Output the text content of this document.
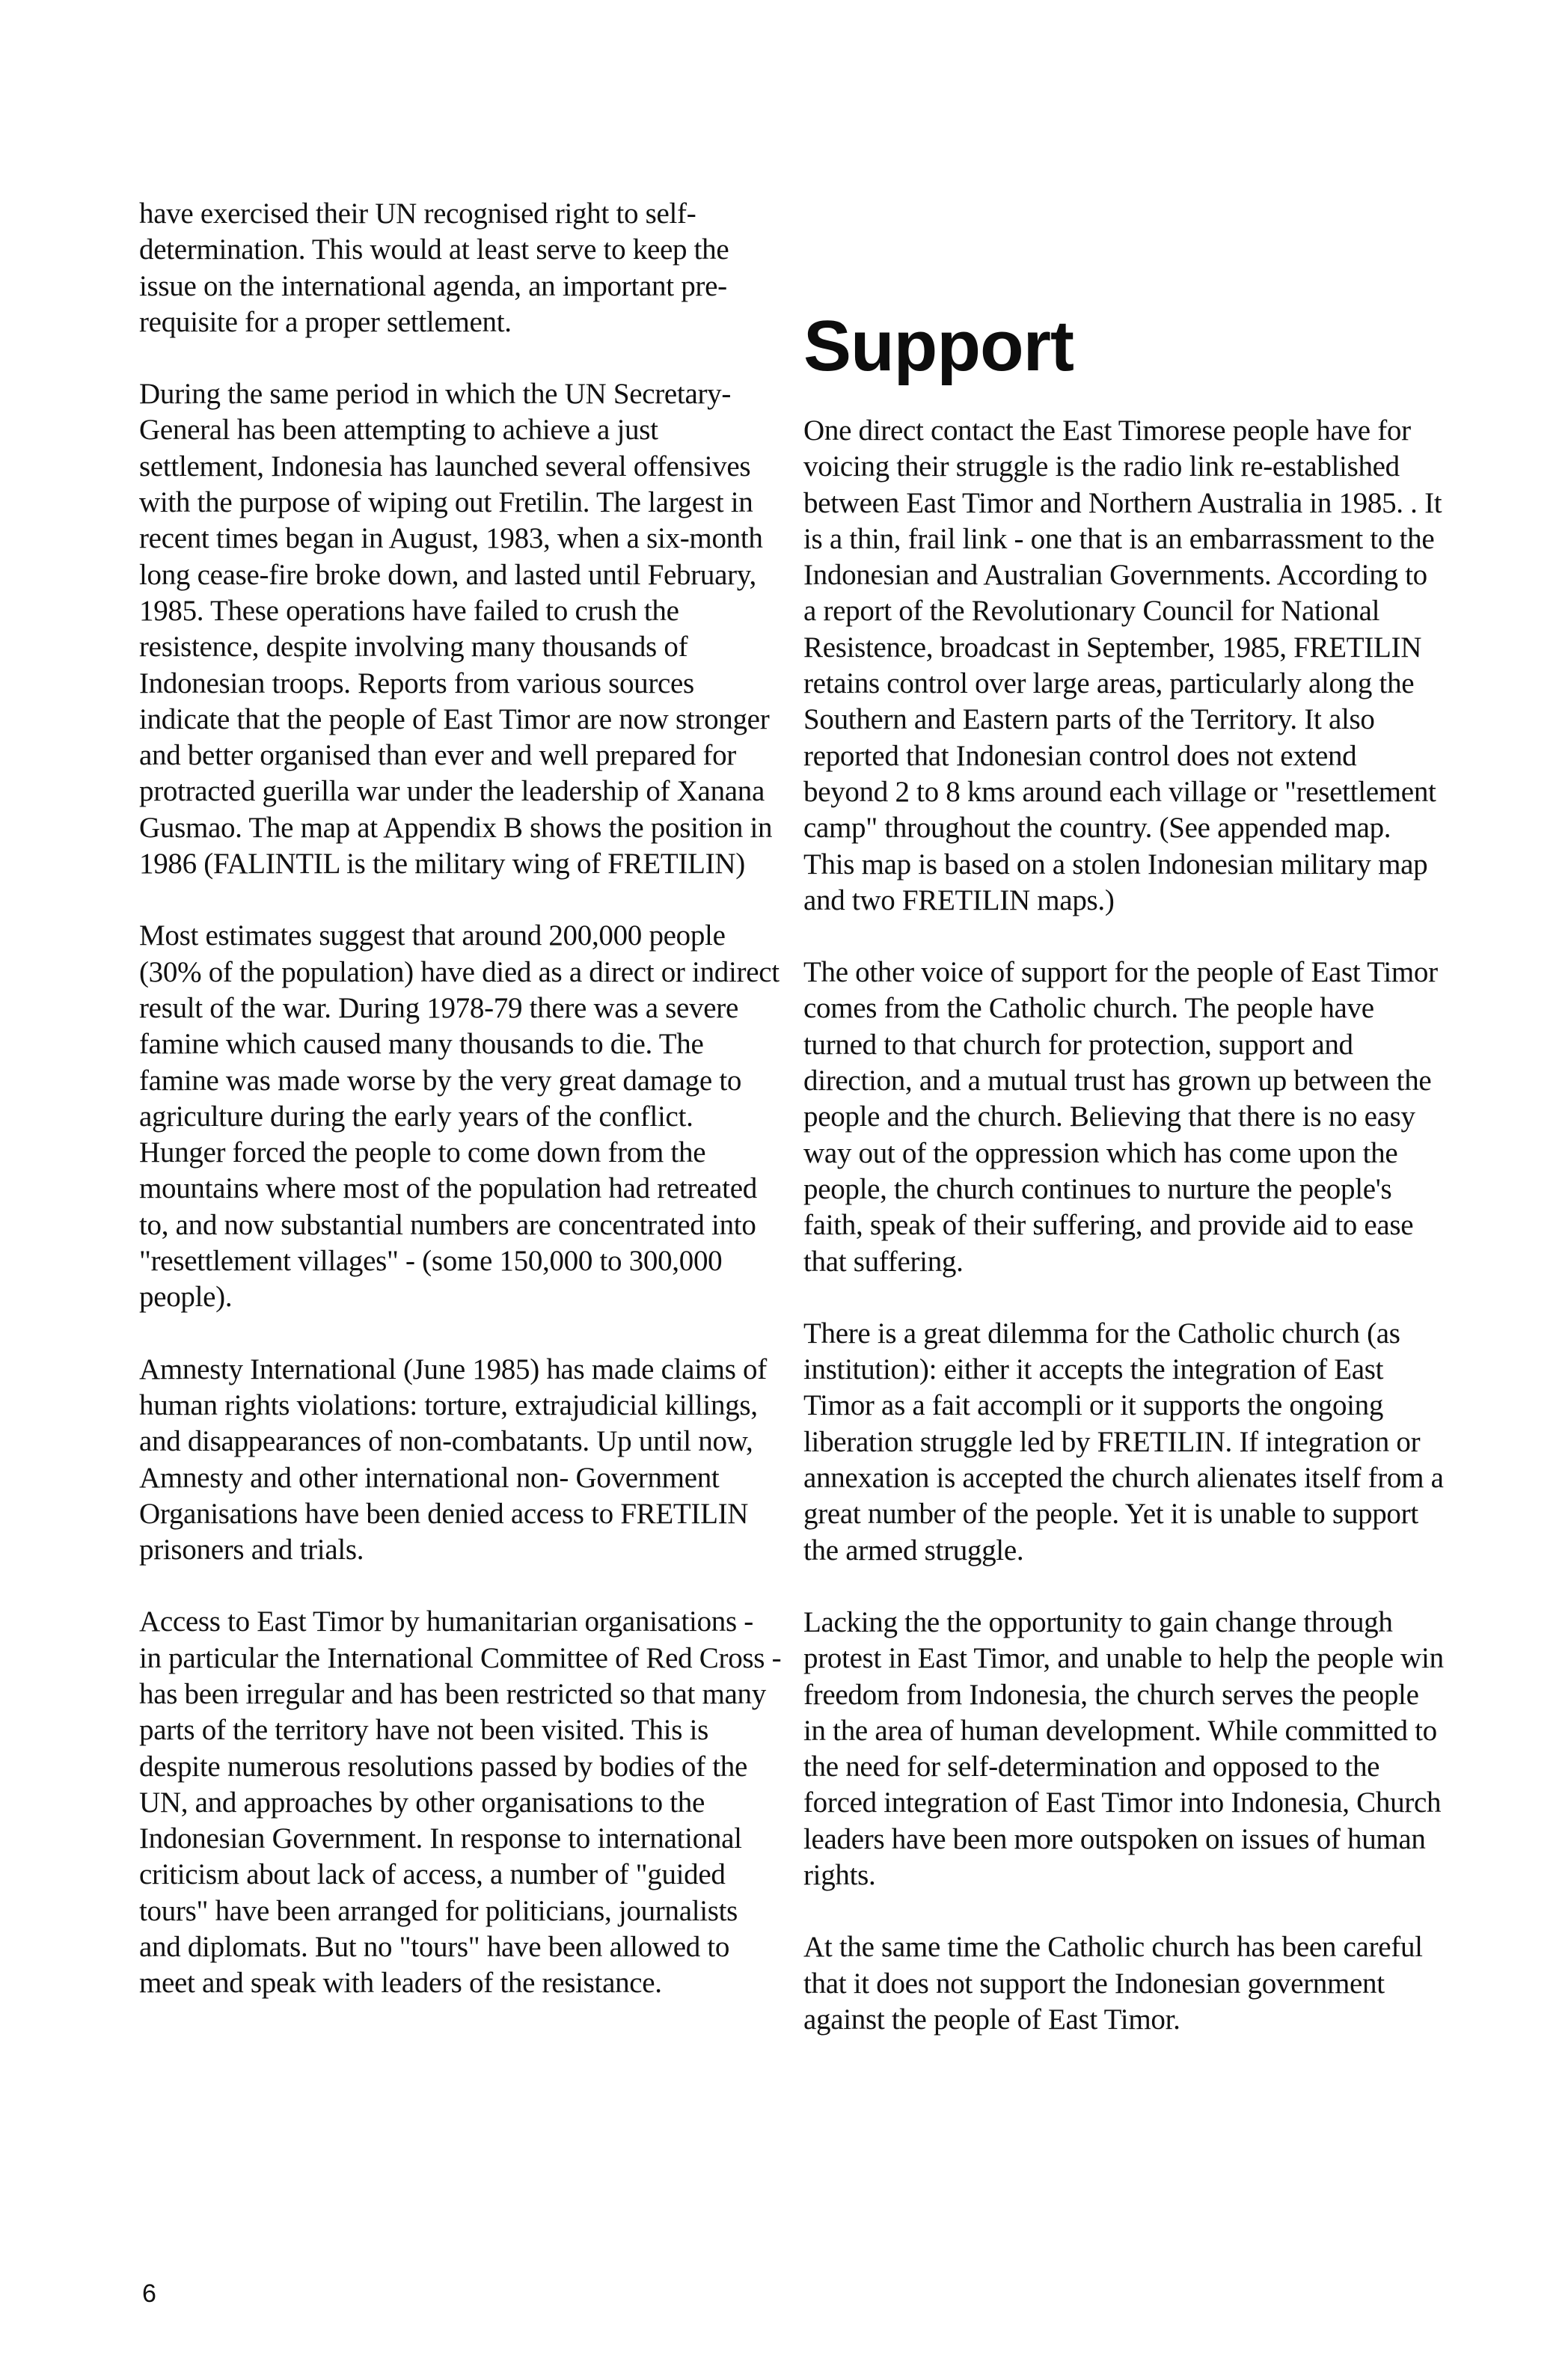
have exercised their UN recognised right to self-determination. This would at least serve to keep the issue on the international agenda, an important pre-requisite for a proper settlement.

During the same period in which the UN Secretary-General has been attempting to achieve a just settlement, Indonesia has launched several offensives with the purpose of wiping out Fretilin. The largest in recent times began in August, 1983, when a six-month long cease-fire broke down, and lasted until February, 1985. These operations have failed to crush the resistence, despite involving many thousands of Indonesian troops. Reports from various sources indicate that the people of East Timor are now stronger and better organised than ever and well prepared for protracted guerilla war under the leadership of Xanana Gusmao. The map at Appendix B shows the position in 1986 (FALINTIL is the military wing of FRETILIN)

Most estimates suggest that around 200,000 people (30% of the population) have died as a direct or indirect result of the war. During 1978-79 there was a severe famine which caused many thousands to die. The famine was made worse by the very great damage to agriculture during the early years of the conflict. Hunger forced the people to come down from the mountains where most of the population had retreated to, and now substantial numbers are concentrated into "resettlement villages" - (some 150,000 to 300,000 people).

Amnesty International (June 1985) has made claims of human rights violations: torture, extrajudicial killings, and disappearances of non-combatants. Up until now, Amnesty and other international non- Government Organisations have been denied access to FRETILIN prisoners and trials.

Access to East Timor by humanitarian organisations - in particular the International Committee of Red Cross - has been irregular and has been restricted so that many parts of the territory have not been visited. This is despite numerous resolutions passed by bodies of the UN, and approaches by other organisations to the Indonesian Government. In response to international criticism about lack of access, a number of "guided tours" have been arranged for politicians, journalists and diplomats. But no "tours" have been allowed to meet and speak with leaders of the resistance.

Support

One direct contact the East Timorese people have for voicing their struggle is the radio link re-established between East Timor and Northern Australia in 1985. . It is a thin, frail link - one that is an embarrassment to the Indonesian and Australian Governments. According to a report of the Revolutionary Council for National Resistence, broadcast in September, 1985, FRETILIN retains control over large areas, particularly along the Southern and Eastern parts of the Territory. It also reported that Indonesian control does not extend beyond 2 to 8 kms around each village or "resettlement camp" throughout the country. (See appended map. This map is based on a stolen Indonesian military map and two FRETILIN maps.)

The other voice of support for the people of East Timor comes from the Catholic church. The people have turned to that church for protection, support and direction, and a mutual trust has grown up between the people and the church. Believing that there is no easy way out of the oppression which has come upon the people, the church continues to nurture the people's faith, speak of their suffering, and provide aid to ease that suffering.

There is a great dilemma for the Catholic church (as institution): either it accepts the integration of East Timor as a fait accompli or it supports the ongoing liberation struggle led by FRETILIN. If integration or annexation is accepted the church alienates itself from a great number of the people. Yet it is unable to support the armed struggle.

Lacking the the opportunity to gain change through protest in East Timor, and unable to help the people win freedom from Indonesia, the church serves the people in the area of human development. While committed to the need for self-determination and opposed to the forced integration of East Timor into Indonesia, Church leaders have been more outspoken on issues of human rights.

At the same time the Catholic church has been careful that it does not support the Indonesian government against the people of East Timor.

6
